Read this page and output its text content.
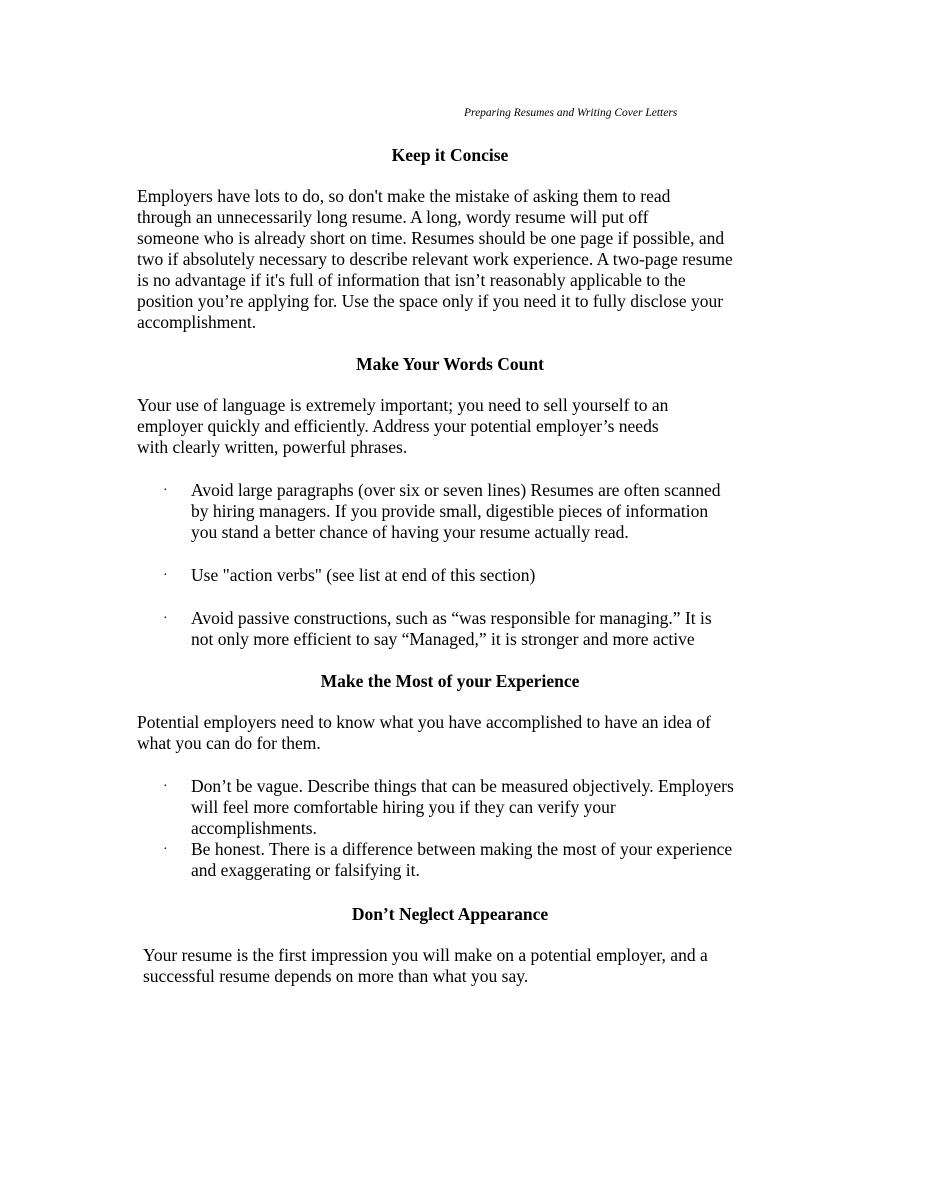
Preparing Resumes and Writing Cover Letters
Keep it Concise
Employers have lots to do, so don't make the mistake of asking them to read
through an unnecessarily long resume. A long, wordy resume will put off
someone who is already short on time. Resumes should be one page if possible, and
two if absolutely necessary to describe relevant work experience. A two-page resume
is no advantage if it's full of information that isn’t reasonably applicable to the
position you’re applying for. Use the space only if you need it to fully disclose your
accomplishment.
Make Your Words Count
Your use of language is extremely important; you need to sell yourself to an
employer quickly and efficiently. Address your potential employer’s needs
with clearly written, powerful phrases.
· Avoid large paragraphs (over six or seven lines) Resumes are often scanned
by hiring managers. If you provide small, digestible pieces of information
you stand a better chance of having your resume actually read.
· Use "action verbs" (see list at end of this section)
· Avoid passive constructions, such as “was responsible for managing.” It is
not only more efficient to say “Managed,” it is stronger and more active
Make the Most of your Experience
Potential employers need to know what you have accomplished to have an idea of
what you can do for them.
· Don’t be vague. Describe things that can be measured objectively. Employers
will feel more comfortable hiring you if they can verify your
accomplishments.
· Be honest. There is a difference between making the most of your experience
and exaggerating or falsifying it.
Don’t Neglect Appearance
Your resume is the first impression you will make on a potential employer, and a
successful resume depends on more than what you say.
